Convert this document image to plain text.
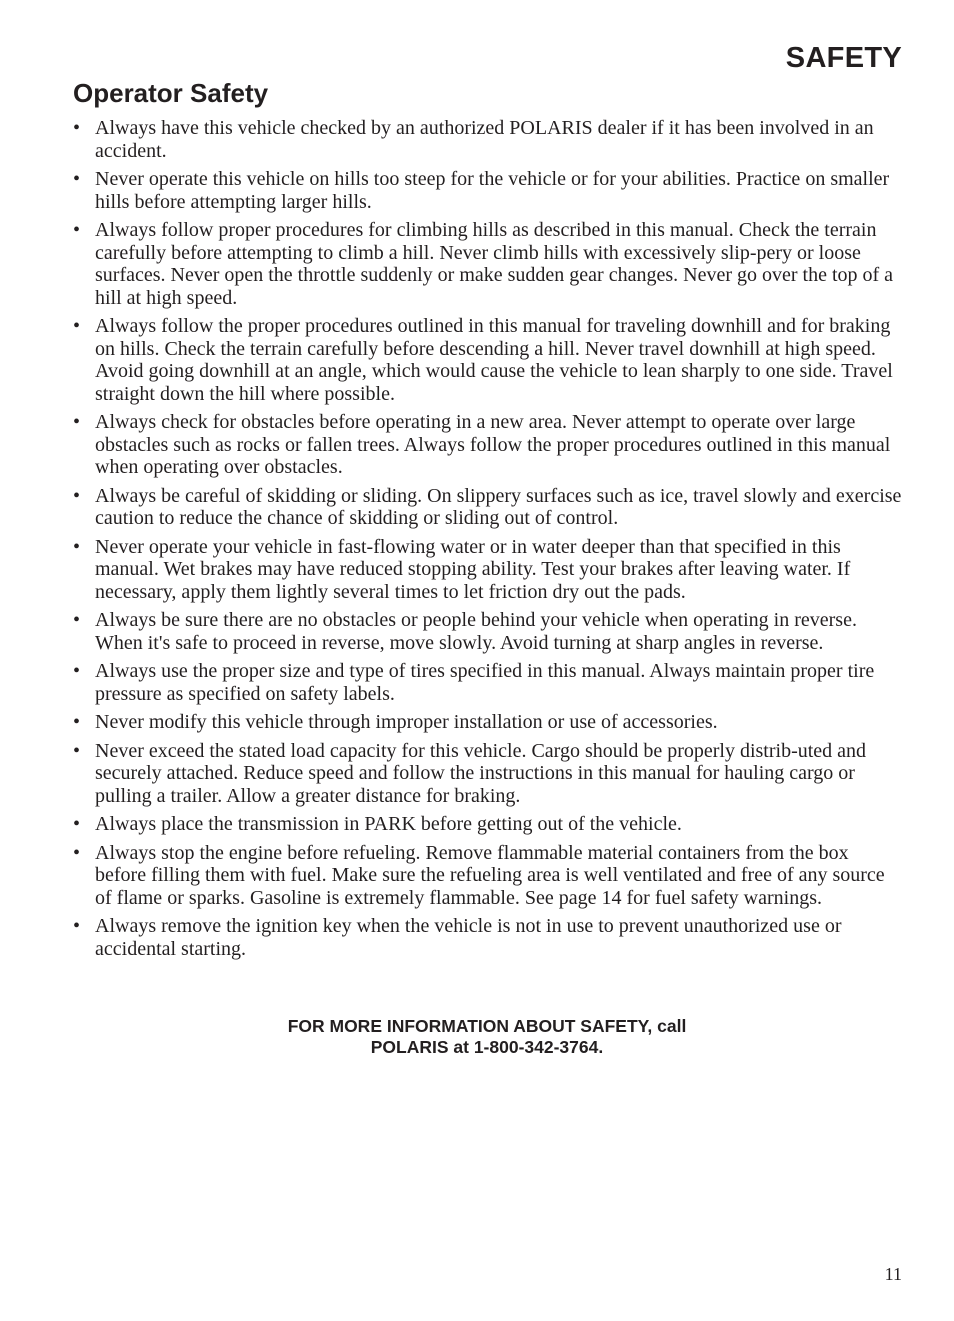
SAFETY
Operator Safety
• Always have this vehicle checked by an authorized POLARIS dealer if it has been involved in an accident.
• Never operate this vehicle on hills too steep for the vehicle or for your abilities. Practice on smaller hills before attempting larger hills.
• Always follow proper procedures for climbing hills as described in this manual. Check the terrain carefully before attempting to climb a hill. Never climb hills with excessively slip-pery or loose surfaces. Never open the throttle suddenly or make sudden gear changes. Never go over the top of a hill at high speed.
• Always follow the proper procedures outlined in this manual for traveling downhill and for braking on hills. Check the terrain carefully before descending a hill. Never travel downhill at high speed. Avoid going downhill at an angle, which would cause the vehicle to lean sharply to one side. Travel straight down the hill where possible.
• Always check for obstacles before operating in a new area. Never attempt to operate over large obstacles such as rocks or fallen trees. Always follow the proper procedures outlined in this manual when operating over obstacles.
• Always be careful of skidding or sliding. On slippery surfaces such as ice, travel slowly and exercise caution to reduce the chance of skidding or sliding out of control.
• Never operate your vehicle in fast-flowing water or in water deeper than that specified in this manual. Wet brakes may have reduced stopping ability. Test your brakes after leaving water. If necessary, apply them lightly several times to let friction dry out the pads.
• Always be sure there are no obstacles or people behind your vehicle when operating in reverse. When it's safe to proceed in reverse, move slowly. Avoid turning at sharp angles in reverse.
• Always use the proper size and type of tires specified in this manual. Always maintain proper tire pressure as specified on safety labels.
• Never modify this vehicle through improper installation or use of accessories.
• Never exceed the stated load capacity for this vehicle. Cargo should be properly distrib-uted and securely attached. Reduce speed and follow the instructions in this manual for hauling cargo or pulling a trailer. Allow a greater distance for braking.
• Always place the transmission in PARK before getting out of the vehicle.
• Always stop the engine before refueling. Remove flammable material containers from the box before filling them with fuel. Make sure the refueling area is well ventilated and free of any source of flame or sparks. Gasoline is extremely flammable. See page 14 for fuel safety warnings.
• Always remove the ignition key when the vehicle is not in use to prevent unauthorized use or accidental starting.
FOR MORE INFORMATION ABOUT SAFETY, call
POLARIS at 1-800-342-3764.
11
